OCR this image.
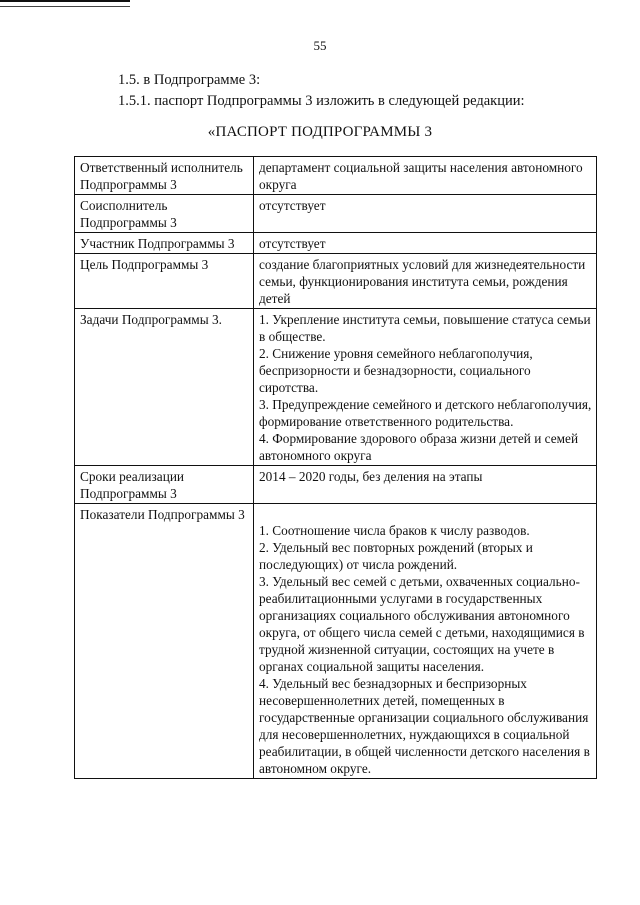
55
1.5. в Подпрограмме 3:
1.5.1. паспорт Подпрограммы 3 изложить в следующей редакции:
«ПАСПОРТ ПОДПРОГРАММЫ 3
Ответственный исполнитель Подпрограммы 3	департамент социальной защиты населения автономного округа

Соисполнитель Подпрограммы 3	отсутствует

Участник Подпрограммы 3	отсутствует

Цель Подпрограммы 3	создание благоприятных условий для жизнедеятельности семьи, функционирования института семьи, рождения детей

Задачи Подпрограммы 3.	1. Укрепление института семьи, повышение статуса семьи в обществе.
2. Снижение уровня семейного неблагополучия, беспризорности и безнадзорности, социального сиротства.
3. Предупреждение семейного и детского неблагополучия, формирование ответственного родительства.
4. Формирование здорового образа жизни детей и семей автономного округа

Сроки реализации Подпрограммы 3	2014 – 2020 годы, без деления на этапы

Показатели Подпрограммы 3	1. Соотношение числа браков к числу разводов.
2. Удельный вес повторных рождений (вторых и последующих) от числа рождений.
3. Удельный вес семей с детьми, охваченных социально-реабилитационными услугами в государственных организациях социального обслуживания автономного округа, от общего числа семей с детьми, находящимися в трудной жизненной ситуации, состоящих на учете в органах социальной защиты населения.
4. Удельный вес безнадзорных и беспризорных несовершеннолетних детей, помещенных в государственные организации социального обслуживания для несовершеннолетних, нуждающихся в социальной реабилитации, в общей численности детского населения в автономном округе.
